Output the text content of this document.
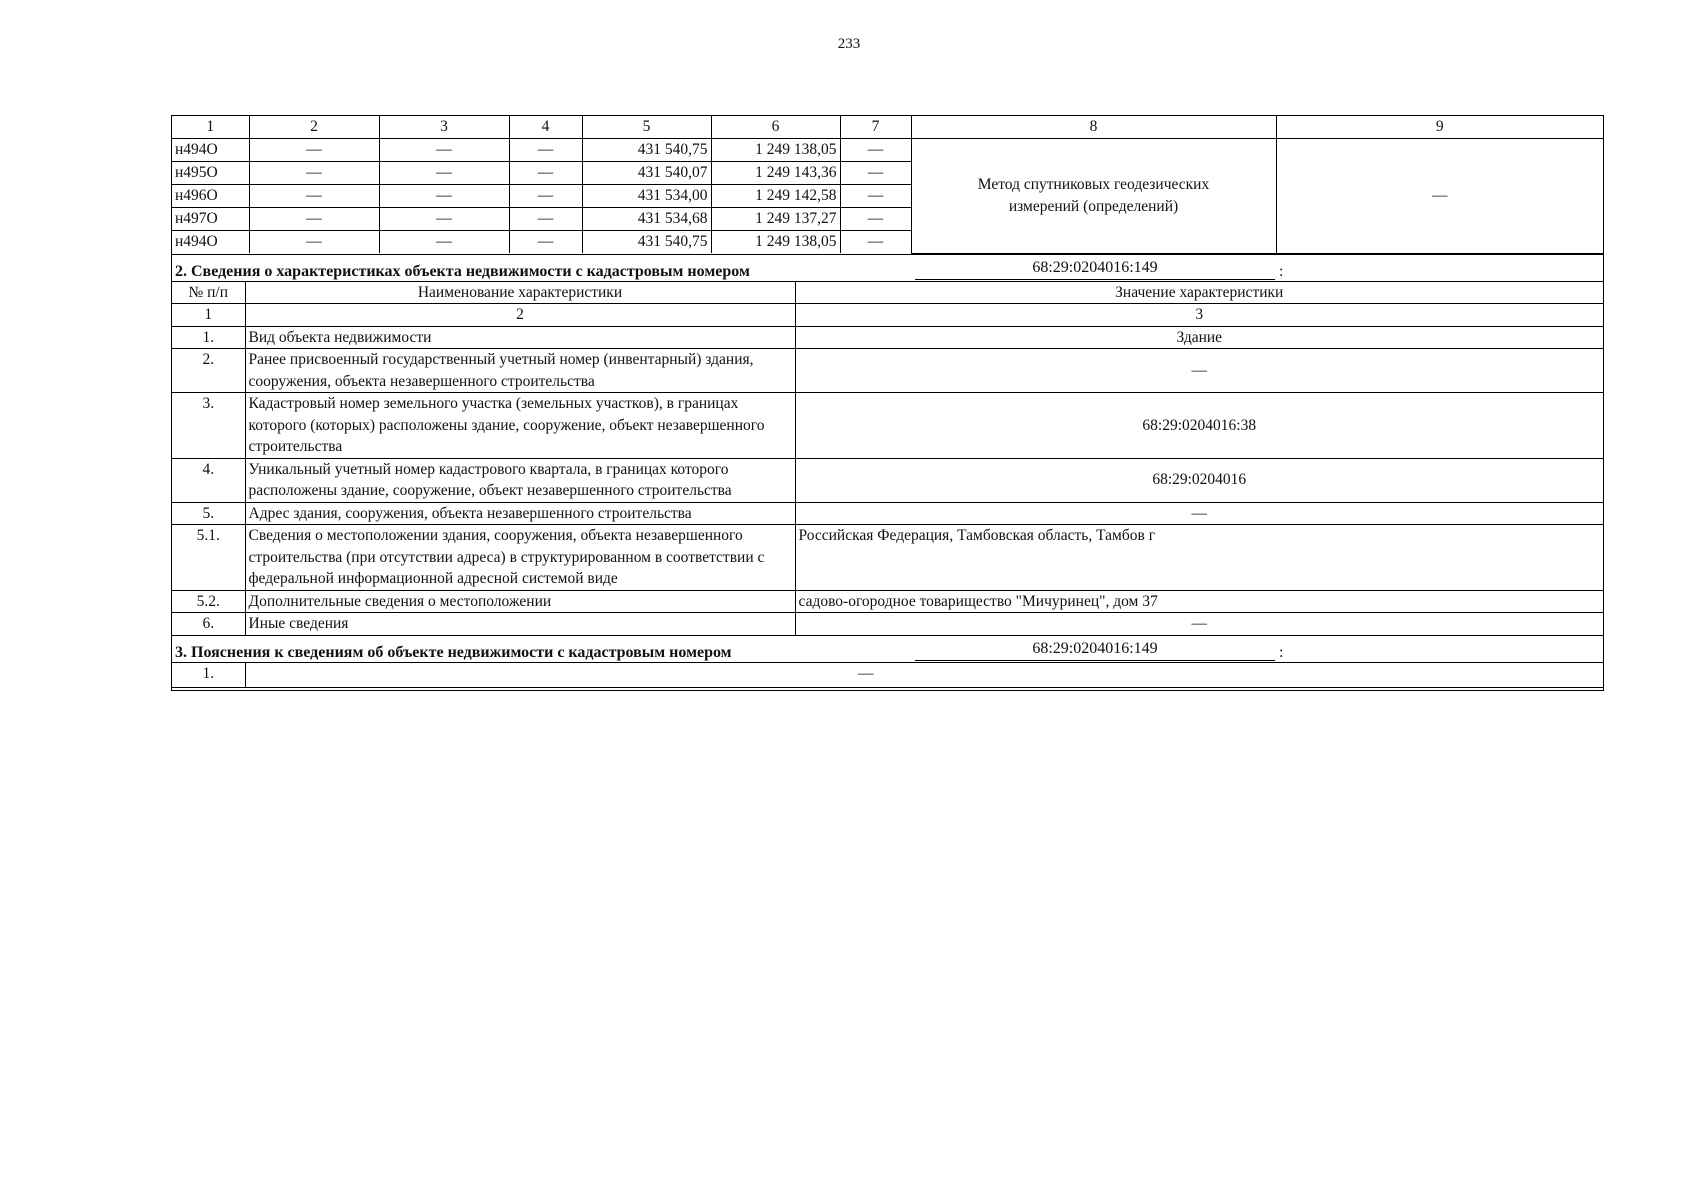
233
1	2	3	4	5	6	7	8	9
н494О	—	—	—	431 540,75	1 249 138,05	—	Метод спутниковых геодезических измерений (определений)	—
н495О	—	—	—	431 540,07	1 249 143,36	—		
н496О	—	—	—	431 534,00	1 249 142,58	—		
н497О	—	—	—	431 534,68	1 249 137,27	—		
н494О	—	—	—	431 540,75	1 249 138,05	—		
2. Сведения о характеристиках объекта недвижимости с кадастровым номером	68:29:0204016:149	:
№ п/п	Наименование характеристики	Значение характеристики
1	2	3
1.	Вид объекта недвижимости	Здание
2.	Ранее присвоенный государственный учетный номер (инвентарный) здания, сооружения, объекта незавершенного строительства	—
3.	Кадастровый номер земельного участка (земельных участков), в границах которого (которых) расположены здание, сооружение, объект незавершенного строительства	68:29:0204016:38
4.	Уникальный учетный номер кадастрового квартала, в границах которого расположены здание, сооружение, объект незавершенного строительства	68:29:0204016
5.	Адрес здания, сооружения, объекта незавершенного строительства	—
5.1.	Сведения о местоположении здания, сооружения, объекта незавершенного строительства (при отсутствии адреса) в структурированном в соответствии с федеральной информационной адресной системой виде	Российская Федерация, Тамбовская область, Тамбов г
5.2.	Дополнительные сведения о местоположении	садово-огородное товарищество "Мичуринец", дом 37
6.	Иные сведения	—
3. Пояснения к сведениям об объекте недвижимости с кадастровым номером	68:29:0204016:149	:
1.	—
